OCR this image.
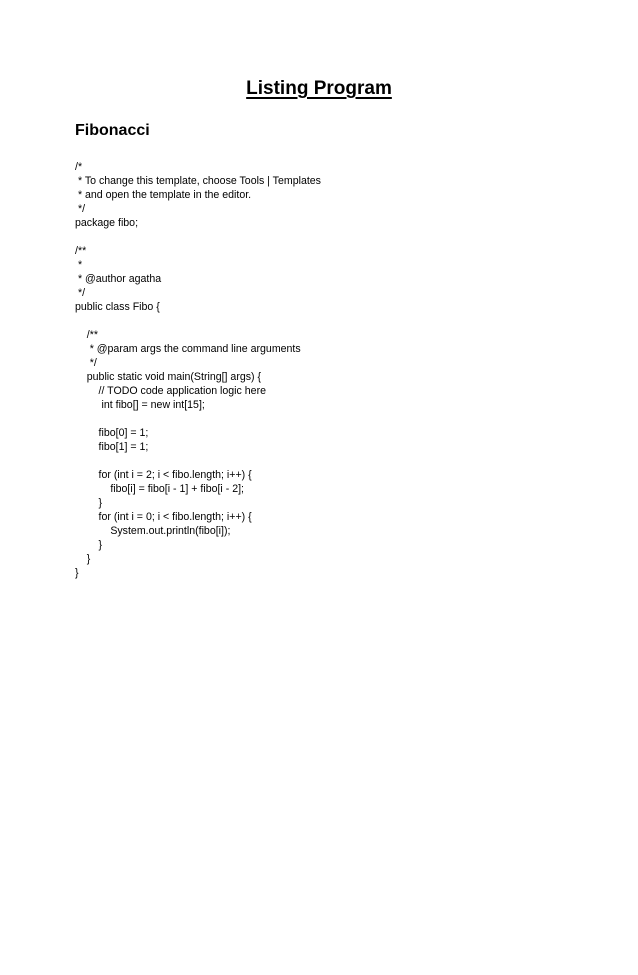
Listing Program
Fibonacci
/*
* To change this template, choose Tools | Templates
* and open the template in the editor.
*/
package fibo;
/**
*
* @author agatha
*/
public class Fibo {
/**
* @param args the command line arguments
*/
public static void main(String[] args) {
// TODO code application logic here
int fibo[] = new int[15];
fibo[0] = 1;
fibo[1] = 1;
for (int i = 2; i < fibo.length; i++) {
fibo[i] = fibo[i - 1] + fibo[i - 2];
}
for (int i = 0; i < fibo.length; i++) {
System.out.println(fibo[i]);
}
}
}
